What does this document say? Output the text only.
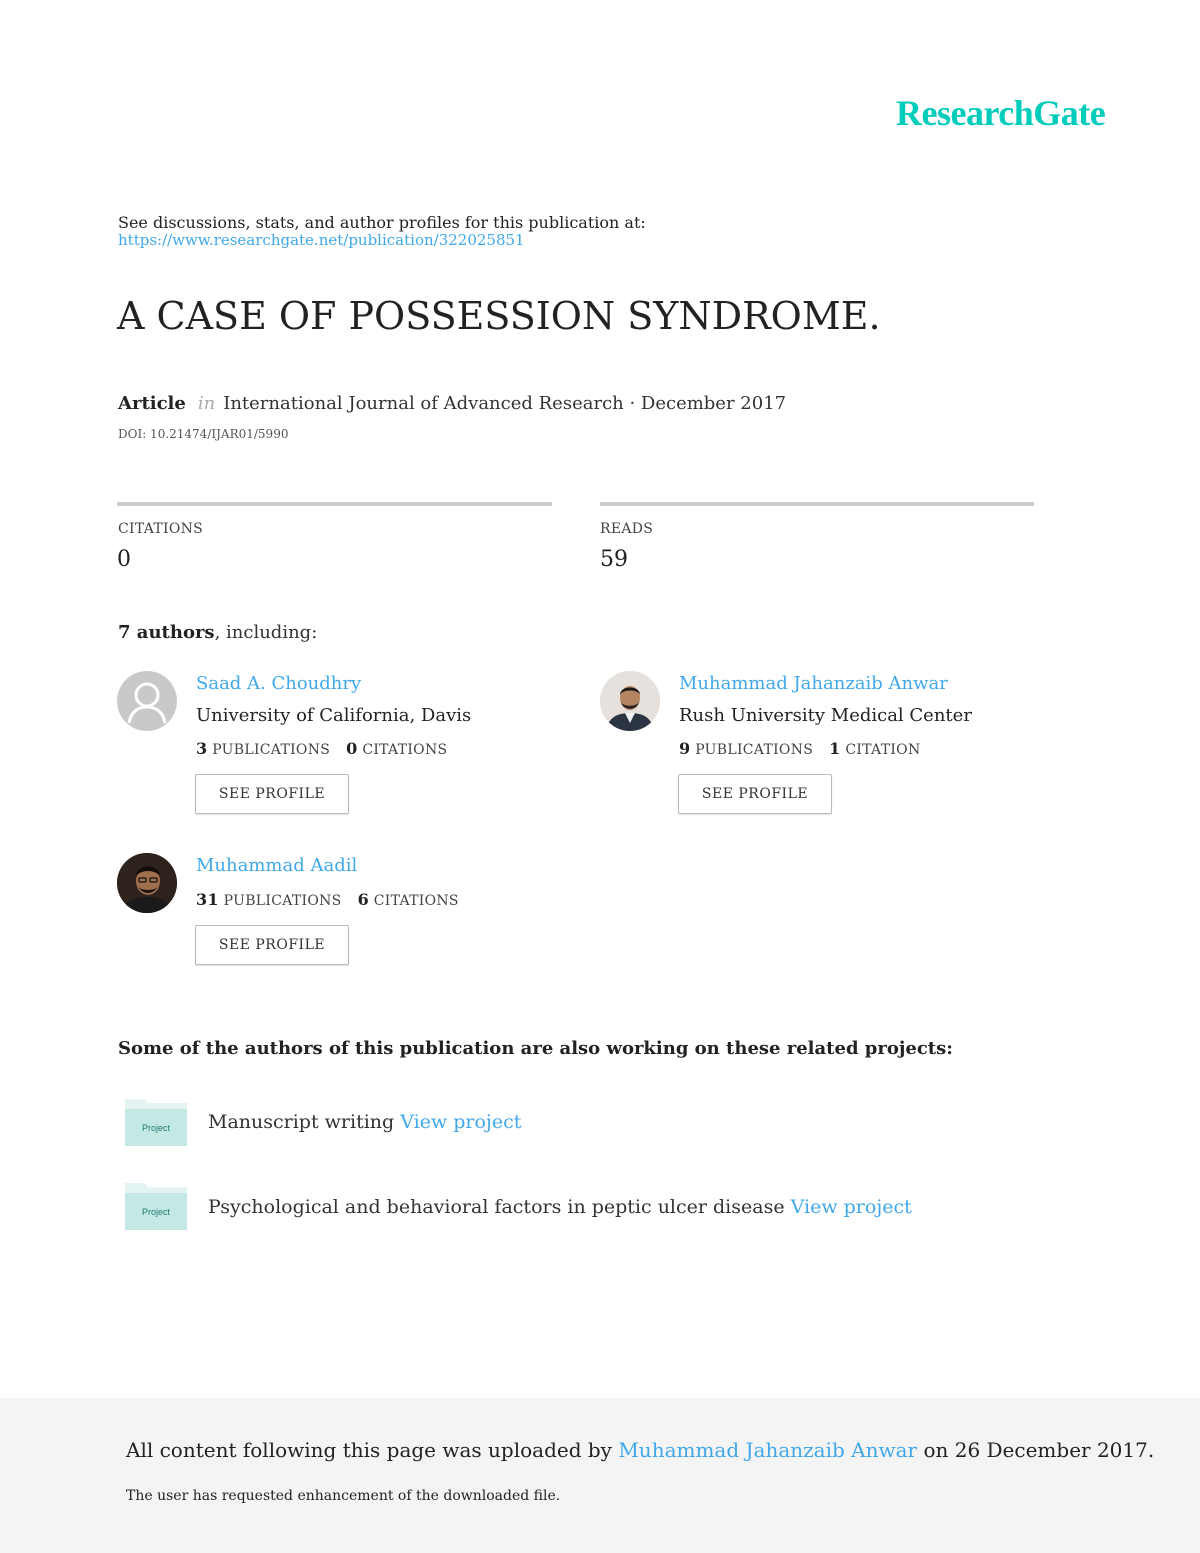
ResearchGate
See discussions, stats, and author profiles for this publication at:
https://www.researchgate.net/publication/322025851
A CASE OF POSSESSION SYNDROME.
Article in International Journal of Advanced Research · December 2017
DOI: 10.21474/IJAR01/5990
CITATIONS
0
READS
59
7 authors, including:
Saad A. Choudhry
University of California, Davis
3 PUBLICATIONS 0 CITATIONS
SEE PROFILE
Muhammad Jahanzaib Anwar
Rush University Medical Center
9 PUBLICATIONS 1 CITATION
SEE PROFILE
Muhammad Aadil
31 PUBLICATIONS 6 CITATIONS
SEE PROFILE
Some of the authors of this publication are also working on these related projects:
Project Manuscript writing View project
Project Psychological and behavioral factors in peptic ulcer disease View project
All content following this page was uploaded by Muhammad Jahanzaib Anwar on 26 December 2017.
The user has requested enhancement of the downloaded file.
